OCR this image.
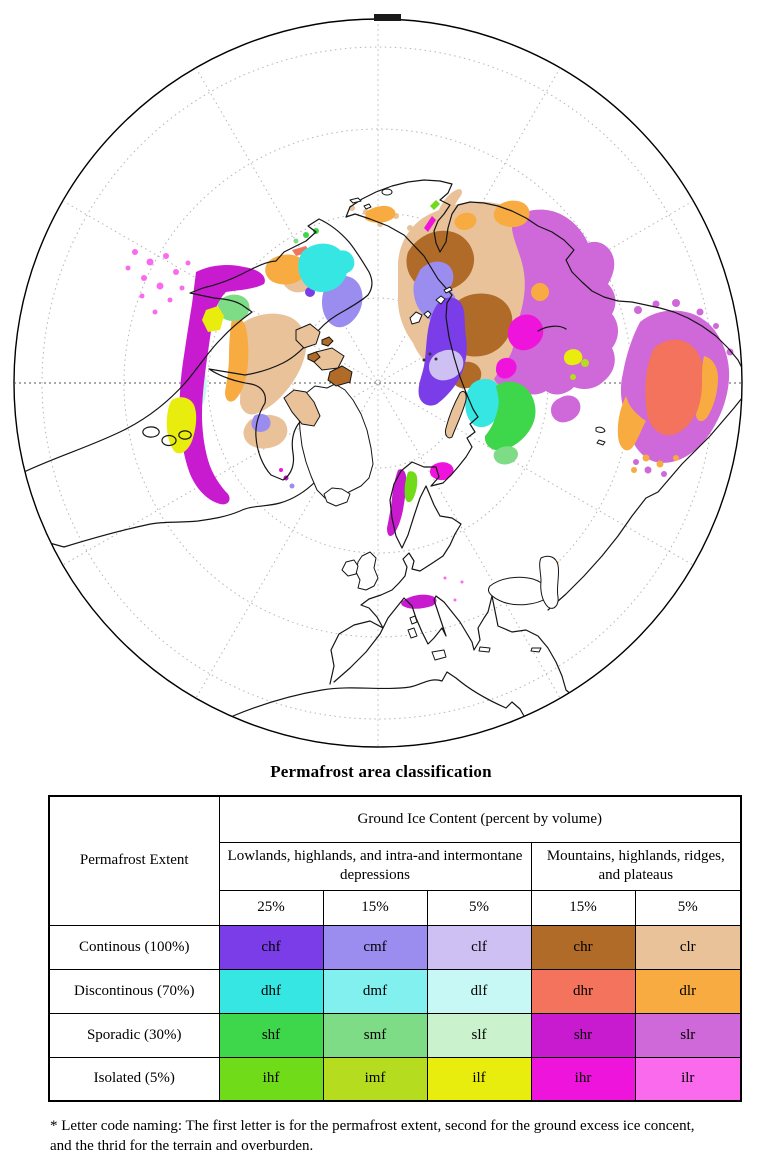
Permafrost area classification
Permafrost Extent	Ground Ice Content (percent by volume)				
	Lowlands, highlands, and intra-and intermontane depressions			Mountains, highlands, ridges, and plateaus	
	25%	15%	5%	15%	5%
Continous (100%)	chf	cmf	clf	chr	clr
Discontinous (70%)	dhf	dmf	dlf	dhr	dlr
Sporadic (30%)	shf	smf	slf	shr	slr
Isolated (5%)	ihf	imf	ilf	ihr	ilr
* Letter code naming: The first letter is for the permafrost extent, second for the ground excess ice concent, and the thrid for the terrain and overburden.
